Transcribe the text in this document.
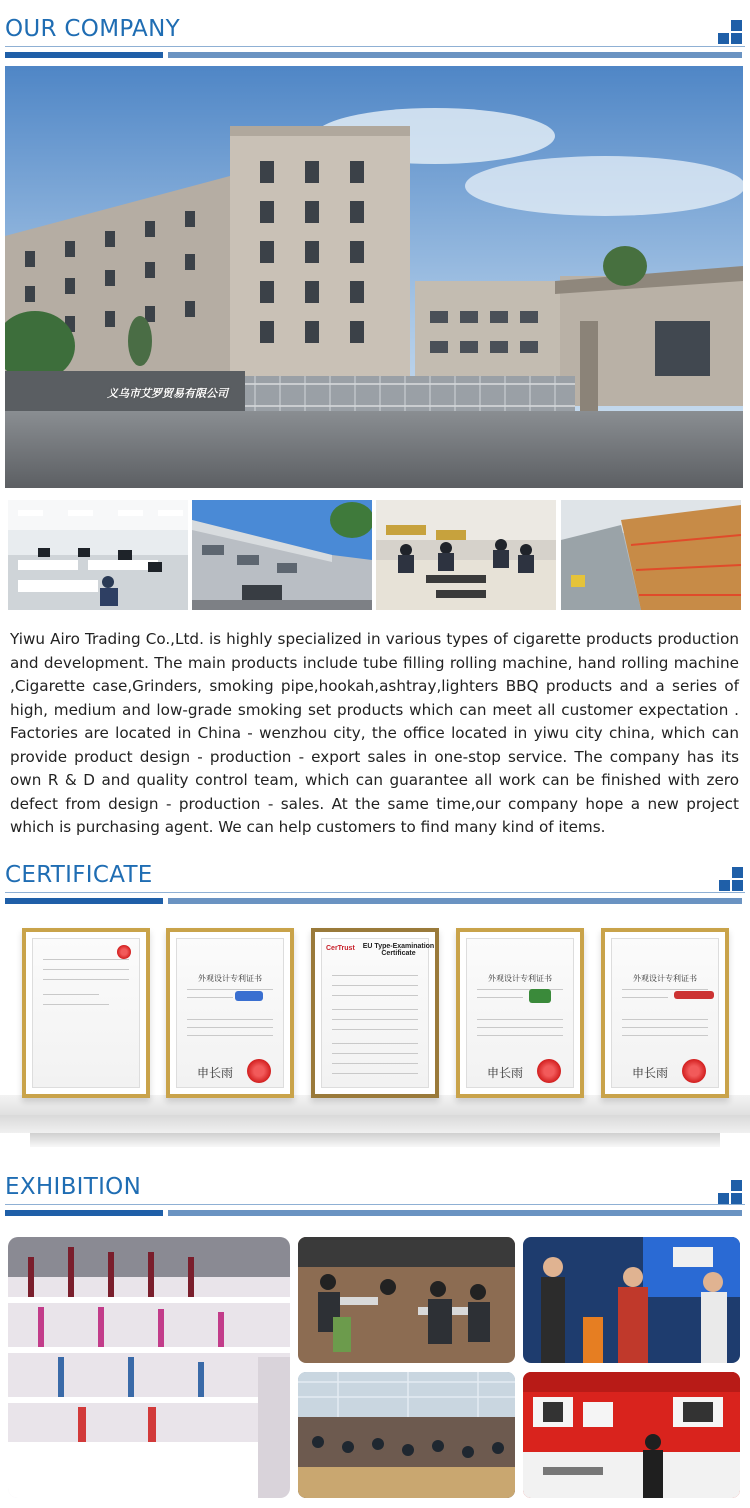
OUR COMPANY
义乌市艾罗贸易有限公司
Yiwu Airo Trading Co.,Ltd. is highly specialized in various types of cigarette products production and development. The main products include tube filling rolling machine, hand rolling machine ,Cigarette case,Grinders, smoking pipe,hookah,ashtray,lighters BBQ products and a series of high, medium and low-grade smoking set products which can meet all customer expectation . Factories are located in China - wenzhou city, the office located in yiwu city china, which can provide product design - production - export sales in one-stop service. The company has its own R & D and quality control team, which can guarantee all work can be finished with zero defect from design - production - sales. At the same time,our company hope a new project which is purchasing agent. We can help customers to find many kind of items.
CERTIFICATE
外观设计专利证书
申长雨
CerTrust	EU Type-Examination Certificate
外观设计专利证书
申长雨
外观设计专利证书
申长雨
EXHIBITION
